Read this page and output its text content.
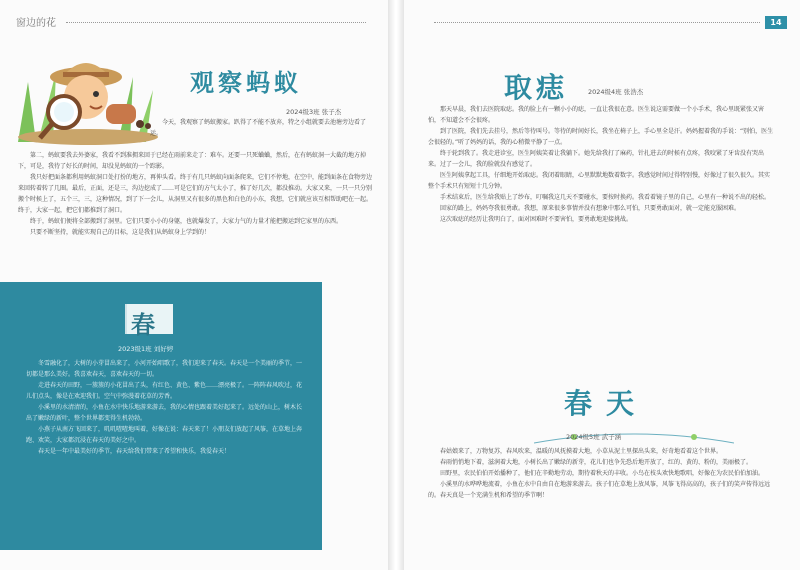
窗边的花
观察蚂蚁
2024级3班 张子杰

今天，我观察了蚂蚁搬家。趴得了不能不放弃，特之小组就要去池塘旁边看了运。

第二，蚂蚁要我去外婆家，我看不到准拥来回于已经在雨前来走了：难车。还要一只死蛐蛐，然后，在有蚂蚁洞一大截的地方掉下，可是，我待了好长的时间，却没见蚂蚁的一个踪影。

我只好把面条都利用蚂蚁洞口处打扮的地方，再伸头看。终于有几只蚂蚁向面条爬来，它们不停地，在空中，能到面条在食物旁边来回转着转了几圈。最后，正面，还是三，沟边挖成了……可是它们的方气太小了，推了好几次，都没推动。大家又来，一只一只分别搬个时候上了，五个三，三，这种情况，到了下一会儿，从洞里又有很多的黑色和白色的小东，我想，它们就应该互相帮助吧在一起。终于，大家一起，把它们都推到了洞口。

终于，蚂蚁们便将全部搬到了洞里。它们只要小小的身躯，也就爆发了，大家力气的力量才能把搬运到它家里的东西。

只要不断坚持，就能实现自己的目标，这是我们从蚂蚁身上学到的！

春
2023级1班 刘好婷

冬雪融化了，大树的小芽冒出来了，小河开始唱歌了，我们迎来了春天。春天是一个美丽的季节，一切都是那么美好。我喜欢春天，喜欢春天的一切。

走进春天的田野，一簇簇的小花冒出了头，有红色、黄色、紫色……漂亮极了。一阵阵春风吹过，花儿们点头，像是在欢迎我们。空气中弥漫着花草的芳香。

小溪里的水清清的，小鱼在水中快乐地游来游去，我的心情也跟着美好起来了。远处的山上，树木长出了嫩绿的新叶，整个世界都变得生机勃勃。

小燕子从南方飞回来了，叽叽喳喳地叫着，好像在说：春天来了！小朋友们放起了风筝，在草地上奔跑、欢笑，大家都沉浸在春天的美好之中。

春天是一年中最美好的季节，春天给我们带来了希望和快乐，我爱春天！

14
取痣	2024级4班 张浩杰

那天早晨，我们去医院取痣。我的脸上有一颗小小的痣，一直让我很在意。医生说这需要做一个小手术，我心里既紧张又害怕，不知道会不会很疼。

到了医院，我们先去挂号，然后等待叫号。等待的时间好长，我坐在椅子上，手心里全是汗。妈妈握着我的手说：“别怕，医生会很轻的。”听了妈妈的话，我的心稍微平静了一点。

终于轮到我了。我走进诊室，医生阿姨笑着让我躺下。她先给我打了麻药，针扎进去的时候有点疼，我咬紧了牙齿没有哭出来。过了一会儿，我的脸就没有感觉了。

医生阿姨拿起工具，仔细地开始取痣。我闭着眼睛，心里默默地数着数字。我感觉时间过得特别慢，好像过了很久很久。其实整个手术只有短短十几分钟。

手术结束后，医生给我贴上了纱布，叮嘱我这几天不要碰水，要按时换药。我看着镜子里的自己，心里有一种说不出的轻松。

回家的路上，妈妈夸我很勇敢。我想，原来很多事情并没有想象中那么可怕，只要勇敢面对，就一定能克服困难。

这次取痣的经历让我明白了，面对困难时不要害怕，要勇敢地迎接挑战。

春天
2024级5班 武子涵

春姑娘来了，万物复苏，春风吹来，温暖的风抚摸着大地，小草从泥土里探出头来，好奇地看着这个世界。

春雨悄悄地下着，滋润着大地，小树长出了嫩绿的新芽，花儿们也争先恐后地开放了，红的、黄的、粉的，美丽极了。

田野里，农民伯伯开始播种了，他们在辛勤地劳动，期待着秋天的丰收。小鸟在枝头欢快地歌唱，好像在为农民伯伯加油。

小溪里的水哗哗地流着，小鱼在水中自由自在地游来游去。孩子们在草地上放风筝，风筝飞得高高的，孩子们的笑声传得远远的。春天真是一个充满生机和希望的季节啊！
